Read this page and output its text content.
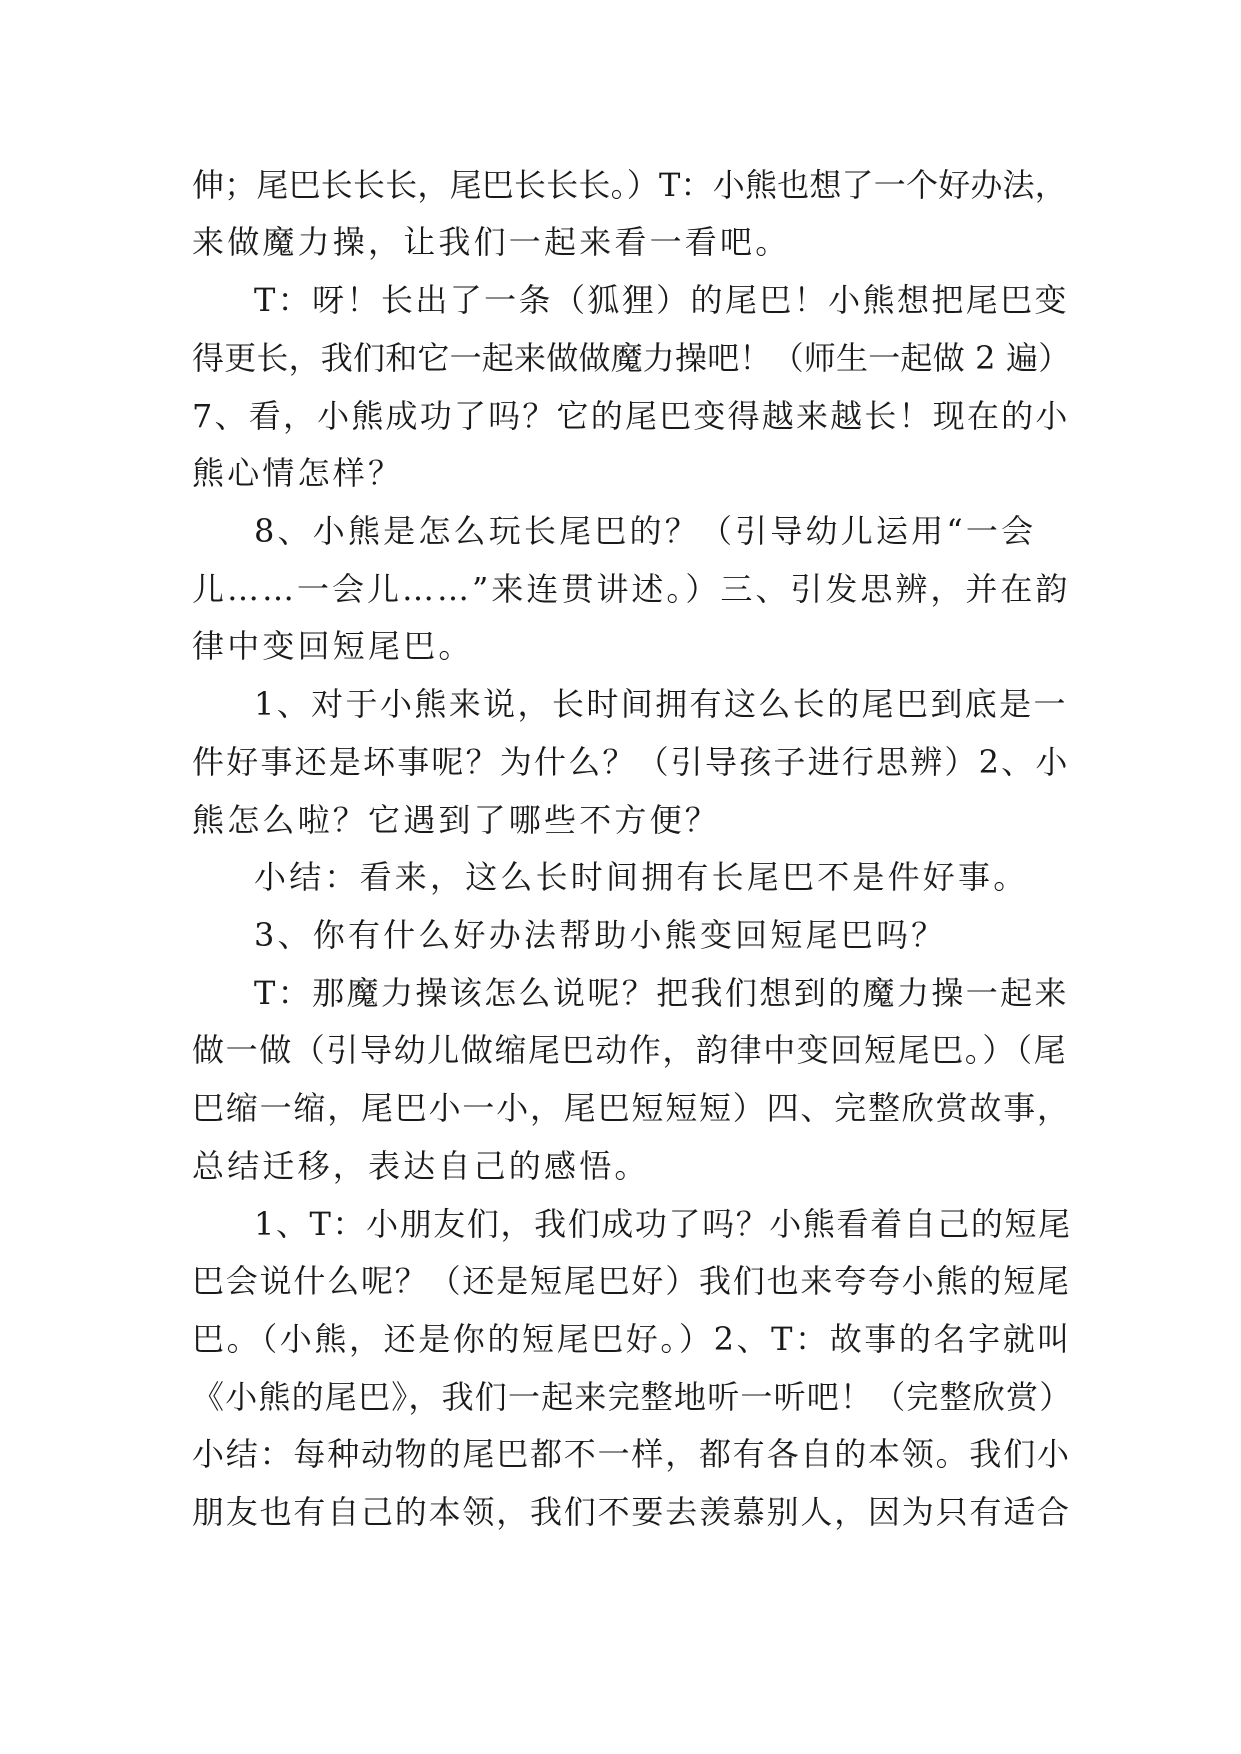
伸；尾巴长长长，尾巴长长长。）T：小熊也想了一个好办法，
来做魔力操，让我们一起来看一看吧。
T：呀！长出了一条（狐狸）的尾巴！小熊想把尾巴变
得更长，我们和它一起来做做魔力操吧！（师生一起做 2 遍）
7、看，小熊成功了吗？它的尾巴变得越来越长！现在的小
熊心情怎样？
8、小熊是怎么玩长尾巴的？（引导幼儿运用“一会
儿……一会儿……”来连贯讲述。）三、引发思辨，并在韵
律中变回短尾巴。
1、对于小熊来说，长时间拥有这么长的尾巴到底是一
件好事还是坏事呢？为什么？（引导孩子进行思辨）2、小
熊怎么啦？它遇到了哪些不方便？
小结：看来，这么长时间拥有长尾巴不是件好事。
3、你有什么好办法帮助小熊变回短尾巴吗？
T：那魔力操该怎么说呢？把我们想到的魔力操一起来
做一做（引导幼儿做缩尾巴动作，韵律中变回短尾巴。）（尾
巴缩一缩，尾巴小一小，尾巴短短短）四、完整欣赏故事，
总结迁移，表达自己的感悟。
1、T：小朋友们，我们成功了吗？小熊看着自己的短尾
巴会说什么呢？（还是短尾巴好）我们也来夸夸小熊的短尾
巴。（小熊，还是你的短尾巴好。）2、T：故事的名字就叫
《小熊的尾巴》，我们一起来完整地听一听吧！（完整欣赏）
小结：每种动物的尾巴都不一样，都有各自的本领。我们小
朋友也有自己的本领，我们不要去羡慕别人，因为只有适合
